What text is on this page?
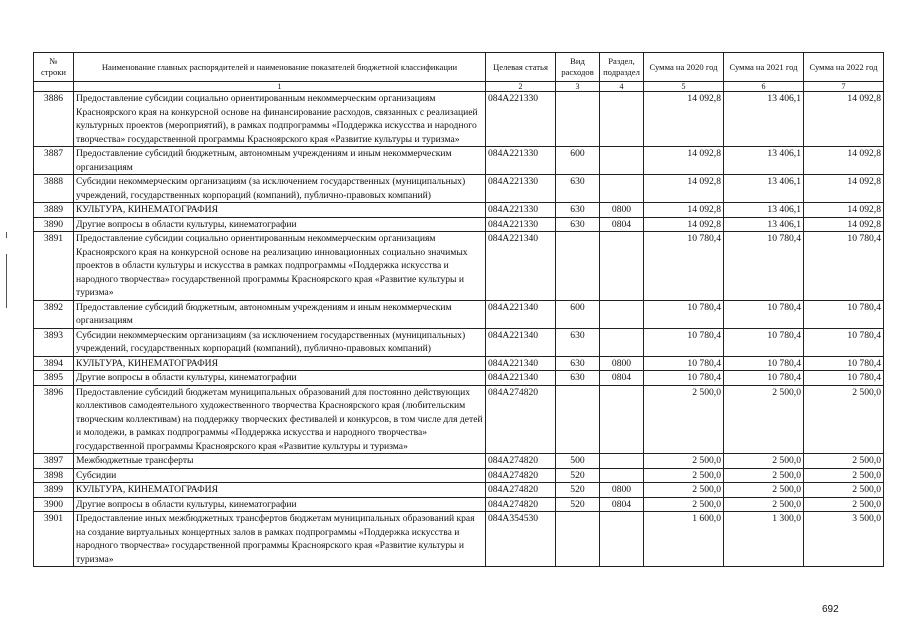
№ строки	Наименование главных распорядителей и наименование показателей бюджетной классификации	Целевая статья	Вид расходов	Раздел, подраздел	Сумма на 2020 год	Сумма на 2021 год	Сумма на 2022 год
	1	2	3	4	5	6	7
3886	Предоставление субсидии социально ориентированным некоммерческим организациям Красноярского края на конкурсной основе на финансирование расходов, связанных с реализацией культурных проектов (мероприятий), в рамках подпрограммы «Поддержка искусства и народного творчества» государственной программы Красноярского края «Развитие культуры и туризма»	084A221330			14 092,8	13 406,1	14 092,8
3887	Предоставление субсидий бюджетным, автономным учреждениям и иным некоммерческим организациям	084A221330	600		14 092,8	13 406,1	14 092,8
3888	Субсидии некоммерческим организациям (за исключением государственных (муниципальных) учреждений, государственных корпораций (компаний), публично-правовых компаний)	084A221330	630		14 092,8	13 406,1	14 092,8
3889	КУЛЬТУРА, КИНЕМАТОГРАФИЯ	084A221330	630	0800	14 092,8	13 406,1	14 092,8
3890	Другие вопросы в области культуры, кинематографии	084A221330	630	0804	14 092,8	13 406,1	14 092,8
3891	Предоставление субсидии социально ориентированным некоммерческим организациям Красноярского края на конкурсной основе на реализацию инновационных социально значимых проектов в области культуры и искусства в рамках подпрограммы «Поддержка искусства и народного творчества» государственной программы Красноярского края «Развитие культуры и туризма»	084A221340			10 780,4	10 780,4	10 780,4
3892	Предоставление субсидий бюджетным, автономным учреждениям и иным некоммерческим организациям	084A221340	600		10 780,4	10 780,4	10 780,4
3893	Субсидии некоммерческим организациям (за исключением государственных (муниципальных) учреждений, государственных корпораций (компаний), публично-правовых компаний)	084A221340	630		10 780,4	10 780,4	10 780,4
3894	КУЛЬТУРА, КИНЕМАТОГРАФИЯ	084A221340	630	0800	10 780,4	10 780,4	10 780,4
3895	Другие вопросы в области культуры, кинематографии	084A221340	630	0804	10 780,4	10 780,4	10 780,4
3896	Предоставление субсидий бюджетам муниципальных образований для постоянно действующих коллективов самодеятельного художественного творчества Красноярского края (любительским творческим коллективам) на поддержку творческих фестивалей и конкурсов, в том числе для детей и молодежи, в рамках подпрограммы «Поддержка искусства и народного творчества» государственной программы Красноярского края «Развитие культуры и туризма»	084A274820			2 500,0	2 500,0	2 500,0
3897	Межбюджетные трансферты	084A274820	500		2 500,0	2 500,0	2 500,0
3898	Субсидии	084A274820	520		2 500,0	2 500,0	2 500,0
3899	КУЛЬТУРА, КИНЕМАТОГРАФИЯ	084A274820	520	0800	2 500,0	2 500,0	2 500,0
3900	Другие вопросы в области культуры, кинематографии	084A274820	520	0804	2 500,0	2 500,0	2 500,0
3901	Предоставление иных межбюджетных трансфертов бюджетам муниципальных образований края на создание виртуальных концертных залов в рамках подпрограммы «Поддержка искусства и народного творчества» государственной программы Красноярского края «Развитие культуры и туризма»	084A354530			1 600,0	1 300,0	3 500,0
692
